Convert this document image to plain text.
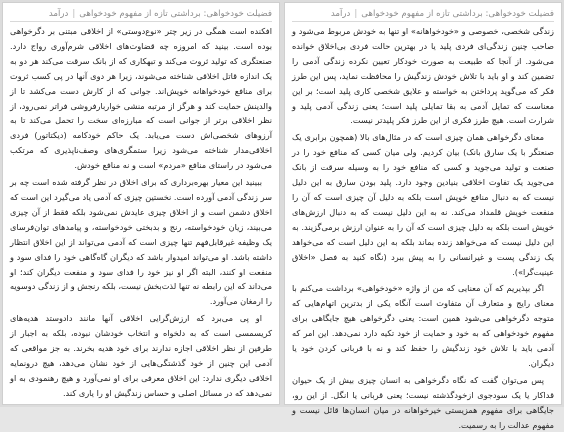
فضیلت خودخواهی: برداشتی تازه از مفهوم خودخواهی|درآمد

افکنده است همگی در زیر چتر «نوع‌دوستی» از اخلاقی مبتنی بر دگرخواهی بوده است. بینید که امروزه چه قضاوت‌های اخلاقی شرم‌آوری رواج دارد. صنعتگری که تولید ثروت می‌کند و تبهکاری که از بانک سرقت می‌کند هر دو به یک اندازه قاتل اخلاقی شناخته می‌شوند، زیرا هر دوی آنها در پی کسب ثروت برای منافع خودخواهانه خویش‌اند. جوانی که از کارش دست می‌کشد تا از والدینش حمایت کند و هرگز از مرتبه منشی خواربارفروشی فراتر نمی‌رود، از نظر اخلاقی برتر از جوانی است که مبارزه‌ای سخت را تحمل می‌کند تا به آرزوهای شخصی‌اش دست می‌یابد. یک حاکم خودکامه (دیکتاتور) فردی اخلاقی‌مدار شناخته می‌شود زیرا ستمگری‌های وصف‌ناپذیری که مرتکب می‌شود در راستای منافع «مردم» است و نه منافع خودش.

ببینید این معیار بهره‌برداری که برای اخلاق در نظر گرفته شده است چه بر سر زندگی آدمی آورده است. نخستین چیزی که آدمی یاد می‌گیرد این است که اخلاق دشمن است و از اخلاق چیزی عایدش نمی‌شود بلکه فقط از آن چیزی می‌بیند، زیان خودخواسته، رنج و بدبختی خودخواسته، و پیامدهای توان‌فرسای یک وظیفه غیرقابل‌فهم تنها چیزی است که آدمی می‌تواند از این اخلاق انتظار داشته باشد. او می‌تواند امیدوار باشد که دیگران گاه‌گاهی خود را فدای سود و منفعت او کنند، البته اگر او نیز خود را فدای سود و منفعت دیگران کند؛ او می‌داند که این رابطه نه تنها لذت‌بخش نیست، بلکه رنجش و از زندگی دوسویه را ارمغان می‌آورد.

او پی می‌برد که ارزش‌گرایی اخلاقی آنها مانند دادوستد هدیه‌های کریسمسی است که به دلخواه و انتخاب خودشان نبوده، بلکه به اجبار از طرفین از نظر اخلاقی اجازه ندارند برای خود هدیه بخرند. به جز مواقعی که آدمی این چنین از خود گذشتگی‌هایی از خود نشان می‌دهد، هیچ درونمایه اخلاقی دیگری ندارد: این اخلاق معرفی برای او نمی‌آورد و هیچ رهنمودی به او نمی‌دهد که در مسائل اصلی و حساس زندگیش او را یاری کند.

فضیلت خودخواهی: برداشتی تازه از مفهوم خودخواهی|درآمد

زندگی شخصی، خصوصی و «خودخواهانه» او تنها به خودش مربوط می‌شود و صاحب چنین زندگی‌ای فردی پلید یا در بهترین حالت فردی بی‌اخلاق خوانده می‌شود. از آنجا که طبیعت به صورت خودکار تعیین نکرده زندگی آدمی را تضمین کند و او باید با تلاش خودش زندگیش را محافظت نماید، پس این طرز فکر که می‌گوید پرداختن به خواسته و علایق شخصی کاری پلید است؛ بر این معناست که تمایل آدمی به بقا تمایلی پلید است؛ یعنی زندگی آدمی پلید و شرارت است. هیچ طرز فکری از این طرز فکر پلیدتر نیست.

معنای دگرخواهی همان چیزی است که در مثال‌های بالا (همچون برابری یک صنعتگر با یک سارق بانک) بیان کردیم. ولی میان کسی که منافع خود را در صنعت و تولید می‌جوید و کسی که منافع خود را به وسیله سرقت از بانک می‌جوید یک تفاوت اخلاقی بنیادین وجود دارد. پلید بودن سارق به این دلیل نیست که به دنبال منافع خویش است بلکه به دلیل آن چیزی است که آن را منفعت خویش قلمداد می‌کند. نه به این دلیل نیست که به دنبال ارزش‌های خویش است بلکه به دلیل چیزی است که آن را به عنوان ارزش برمی‌گزیند. به این دلیل نیست که می‌خواهد زنده بماند بلکه به این دلیل است که می‌خواهد یک زندگی پست و غیرانسانی را به پیش ببرد (نگاه کنید به فصل «اخلاق عینیت‌گرا»).

اگر بپذیریم که آن معنایی که من از واژه «خودخواهی» برداشت می‌کنم با معنای رایج و متعارف آن متفاوت است آنگاه یکی از بدترین اتهام‌هایی که متوجه دگرخواهی می‌شود همین است: یعنی دگرخواهی هیچ جایگاهی برای مفهوم خودخواهی که به خود و حمایت از خود تکیه دارد نمی‌دهد. این امر که آدمی باید با تلاش خود زندگیش را حفظ کند و نه با قربانی کردن خود یا دیگران.

پس می‌توان گفت که نگاه دگرخواهی به انسان چیزی بیش از یک حیوان قداکار یا یک سودجوی ازخودگذشته نیست؛ یعنی قربانی یا انگل. از این رو، جایگاهی برای مفهوم همزیستی خیرخواهانه در میان انسان‌ها قائل نیست و مفهوم عدالت را به رسمیت.
